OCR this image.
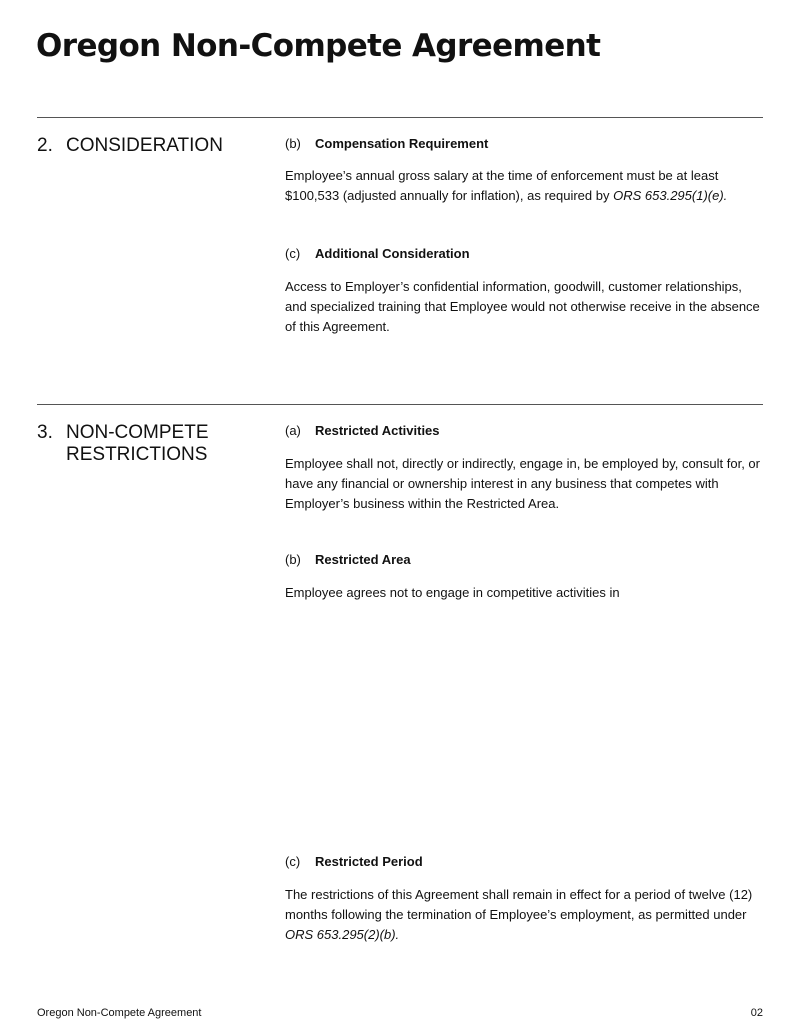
Oregon Non-Compete Agreement
2. CONSIDERATION	(b) Compensation Requirement
Employee’s annual gross salary at the time of enforcement must be at least $100,533 (adjusted annually for inflation), as required by ORS 653.295(1)(e).
(c) Additional Consideration
Access to Employer’s confidential information, goodwill, customer relationships, and specialized training that Employee would not otherwise receive in the absence of this Agreement.
3. NON-COMPETE RESTRICTIONS
(a) Restricted Activities
Employee shall not, directly or indirectly, engage in, be employed by, consult for, or have any financial or ownership interest in any business that competes with Employer’s business within the Restricted Area.
(b) Restricted Area
Employee agrees not to engage in competitive activities in
(c) Restricted Period
The restrictions of this Agreement shall remain in effect for a period of twelve (12) months following the termination of Employee’s employment, as permitted under ORS 653.295(2)(b).
Oregon Non-Compete Agreement	02
